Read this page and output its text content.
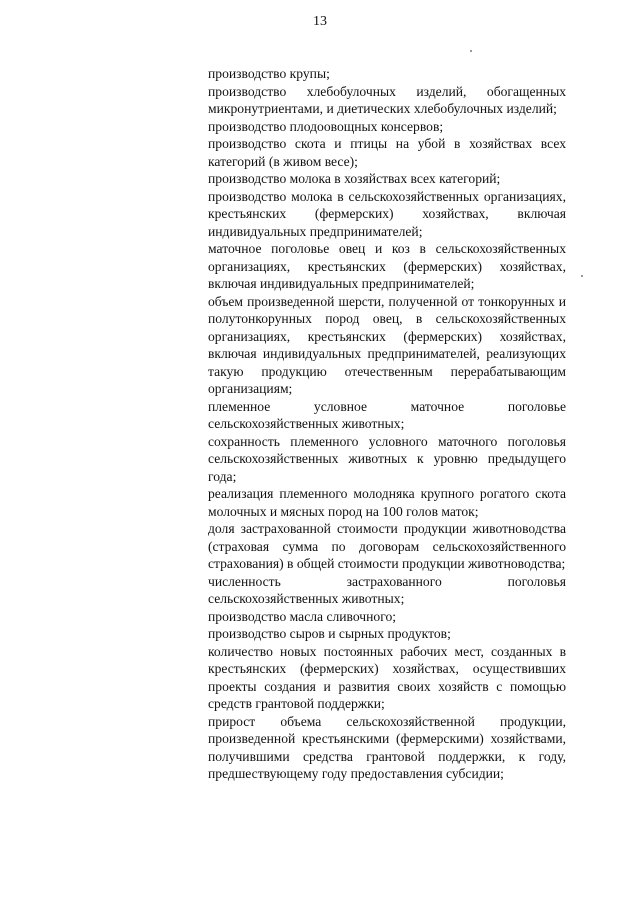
13

производство крупы;

производство хлебобулочных изделий, обогащенных микронутриентами, и диетических хлебобулочных изделий;

производство плодоовощных консервов;

производство скота и птицы на убой в хозяйствах всех категорий (в живом весе);

производство молока в хозяйствах всех категорий;

производство молока в сельскохозяйственных организациях, крестьянских (фермерских) хозяйствах, включая индивидуальных предпринимателей;

маточное поголовье овец и коз в сельскохозяйственных организациях, крестьянских (фермерских) хозяйствах, включая индивидуальных предпринимателей;

объем произведенной шерсти, полученной от тонкорунных и полутонкорунных пород овец, в сельскохозяйственных организациях, крестьянских (фермерских) хозяйствах, включая индивидуальных предпринимателей, реализующих такую продукцию отечественным перерабатывающим организациям;

племенное условное маточное поголовье сельскохозяйственных животных;

сохранность племенного условного маточного поголовья сельскохозяйственных животных к уровню предыдущего года;

реализация племенного молодняка крупного рогатого скота молочных и мясных пород на 100 голов маток;

доля застрахованной стоимости продукции животноводства (страховая сумма по договорам сельскохозяйственного страхования) в общей стоимости продукции животноводства;

численность застрахованного поголовья сельскохозяйственных животных;

производство масла сливочного;

производство сыров и сырных продуктов;

количество новых постоянных рабочих мест, созданных в крестьянских (фермерских) хозяйствах, осуществивших проекты создания и развития своих хозяйств с помощью средств грантовой поддержки;

прирост объема сельскохозяйственной продукции, произведенной крестьянскими (фермерскими) хозяйствами, получившими средства грантовой поддержки, к году, предшествующему году предоставления субсидии;
